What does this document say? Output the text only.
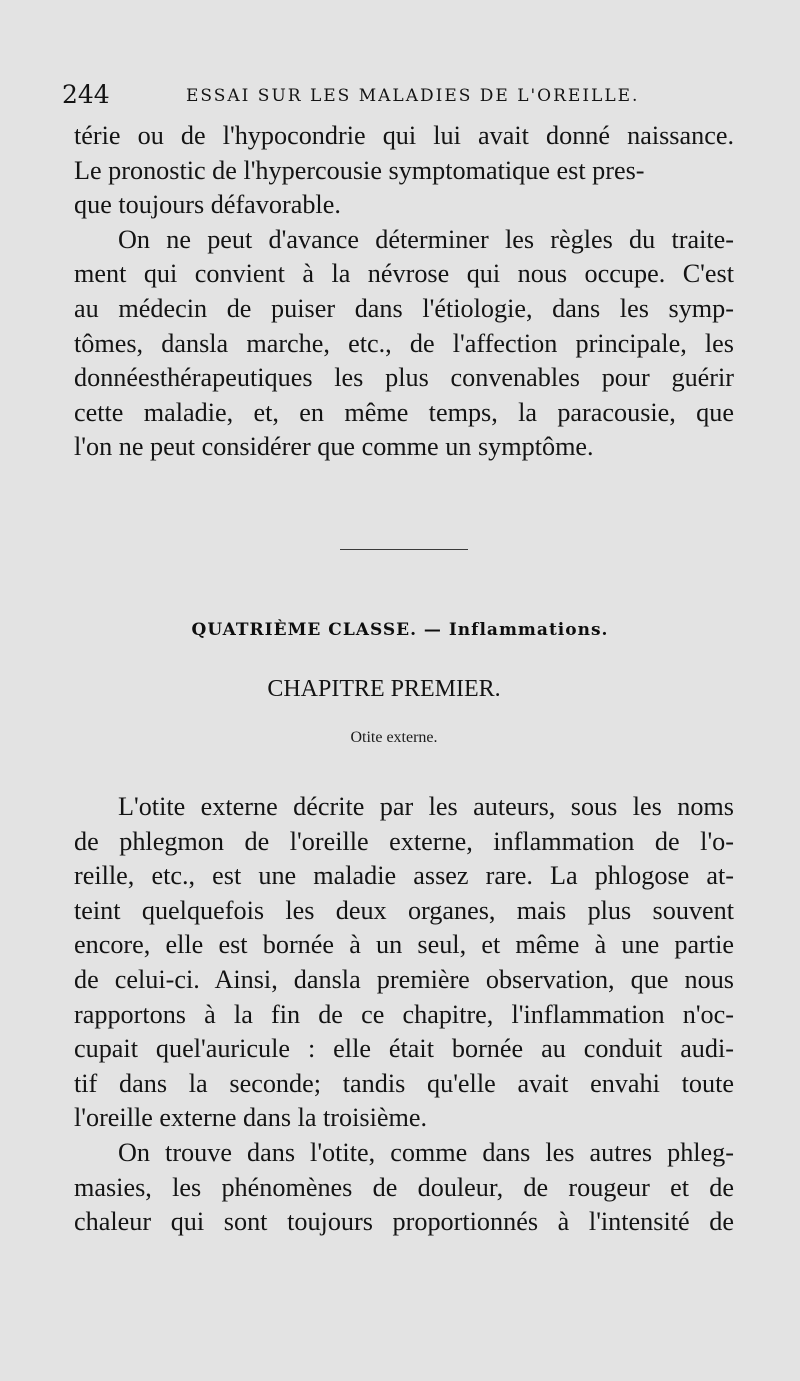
244	ESSAI SUR LES MALADIES DE L'OREILLE.
térie ou de l'hypocondrie qui lui avait donné naissance.
Le pronostic de l'hypercousie symptomatique est pres-
que toujours défavorable.
On ne peut d'avance déterminer les règles du traite-
ment qui convient à la névrose qui nous occupe. C'est
au médecin de puiser dans l'étiologie, dans les symp-
tômes, dansla marche, etc., de l'affection principale, les
donnéesthérapeutiques les plus convenables pour guérir
cette maladie, et, en même temps, la paracousie, que
l'on ne peut considérer que comme un symptôme.
QUATRIÈME CLASSE. — Inflammations.
CHAPITRE PREMIER.
Otite externe.
L'otite externe décrite par les auteurs, sous les noms
de phlegmon de l'oreille externe, inflammation de l'o-
reille, etc., est une maladie assez rare. La phlogose at-
teint quelquefois les deux organes, mais plus souvent
encore, elle est bornée à un seul, et même à une partie
de celui-ci. Ainsi, dansla première observation, que nous
rapportons à la fin de ce chapitre, l'inflammation n'oc-
cupait quel'auricule : elle était bornée au conduit audi-
tif dans la seconde; tandis qu'elle avait envahi toute
l'oreille externe dans la troisième.
On trouve dans l'otite, comme dans les autres phleg-
masies, les phénomènes de douleur, de rougeur et de
chaleur qui sont toujours proportionnés à l'intensité de
